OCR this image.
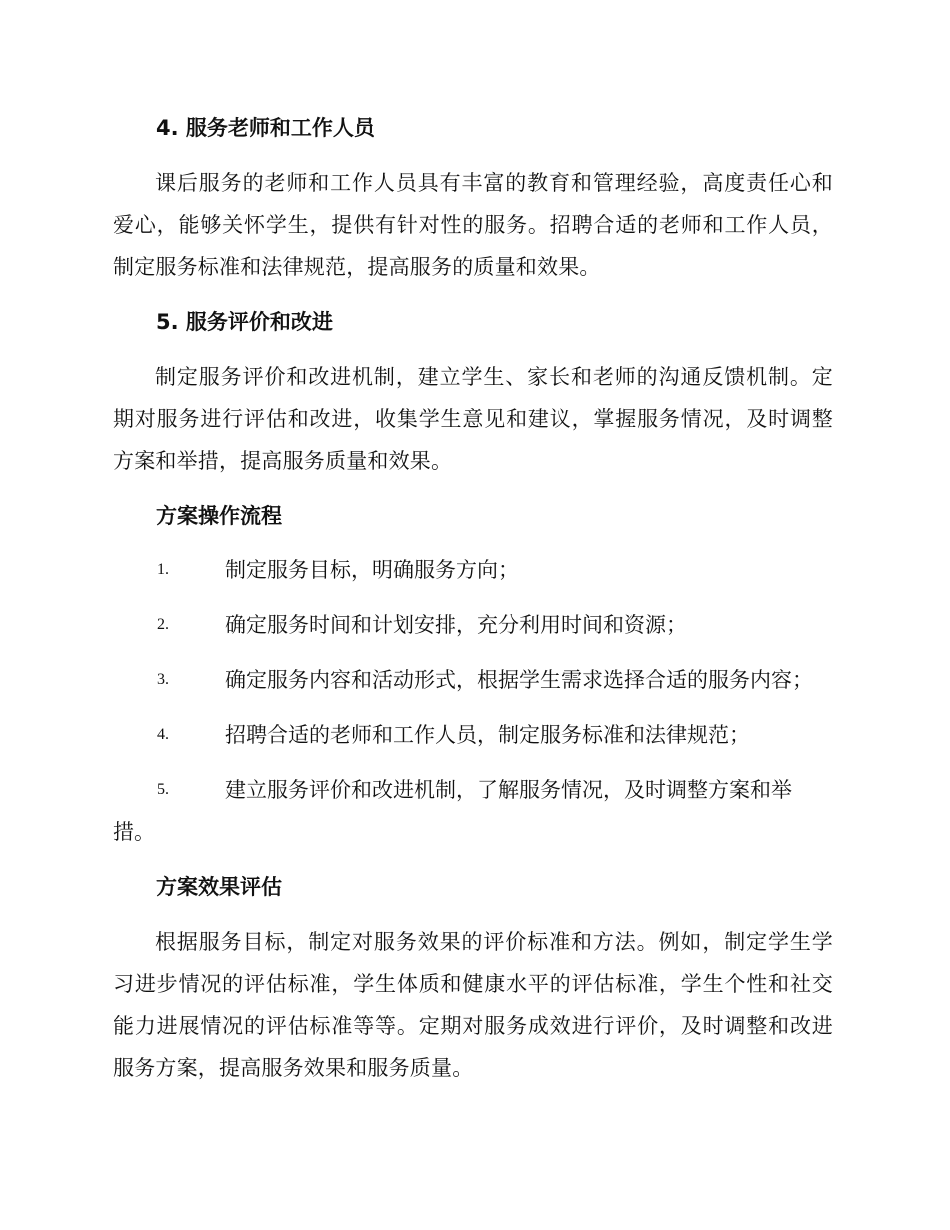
4. 服务老师和工作人员
课后服务的老师和工作人员具有丰富的教育和管理经验，高度责任心和爱心，能够关怀学生，提供有针对性的服务。招聘合适的老师和工作人员，制定服务标准和法律规范，提高服务的质量和效果。
5. 服务评价和改进
制定服务评价和改进机制，建立学生、家长和老师的沟通反馈机制。定期对服务进行评估和改进，收集学生意见和建议，掌握服务情况，及时调整方案和举措，提高服务质量和效果。
方案操作流程
1.	制定服务目标，明确服务方向；
2.	确定服务时间和计划安排，充分利用时间和资源；
3.	确定服务内容和活动形式，根据学生需求选择合适的服务内容；
4.	招聘合适的老师和工作人员，制定服务标准和法律规范；
5.	建立服务评价和改进机制，了解服务情况，及时调整方案和举措。
方案效果评估
根据服务目标，制定对服务效果的评价标准和方法。例如，制定学生学习进步情况的评估标准，学生体质和健康水平的评估标准，学生个性和社交能力进展情况的评估标准等等。定期对服务成效进行评价，及时调整和改进服务方案，提高服务效果和服务质量。
